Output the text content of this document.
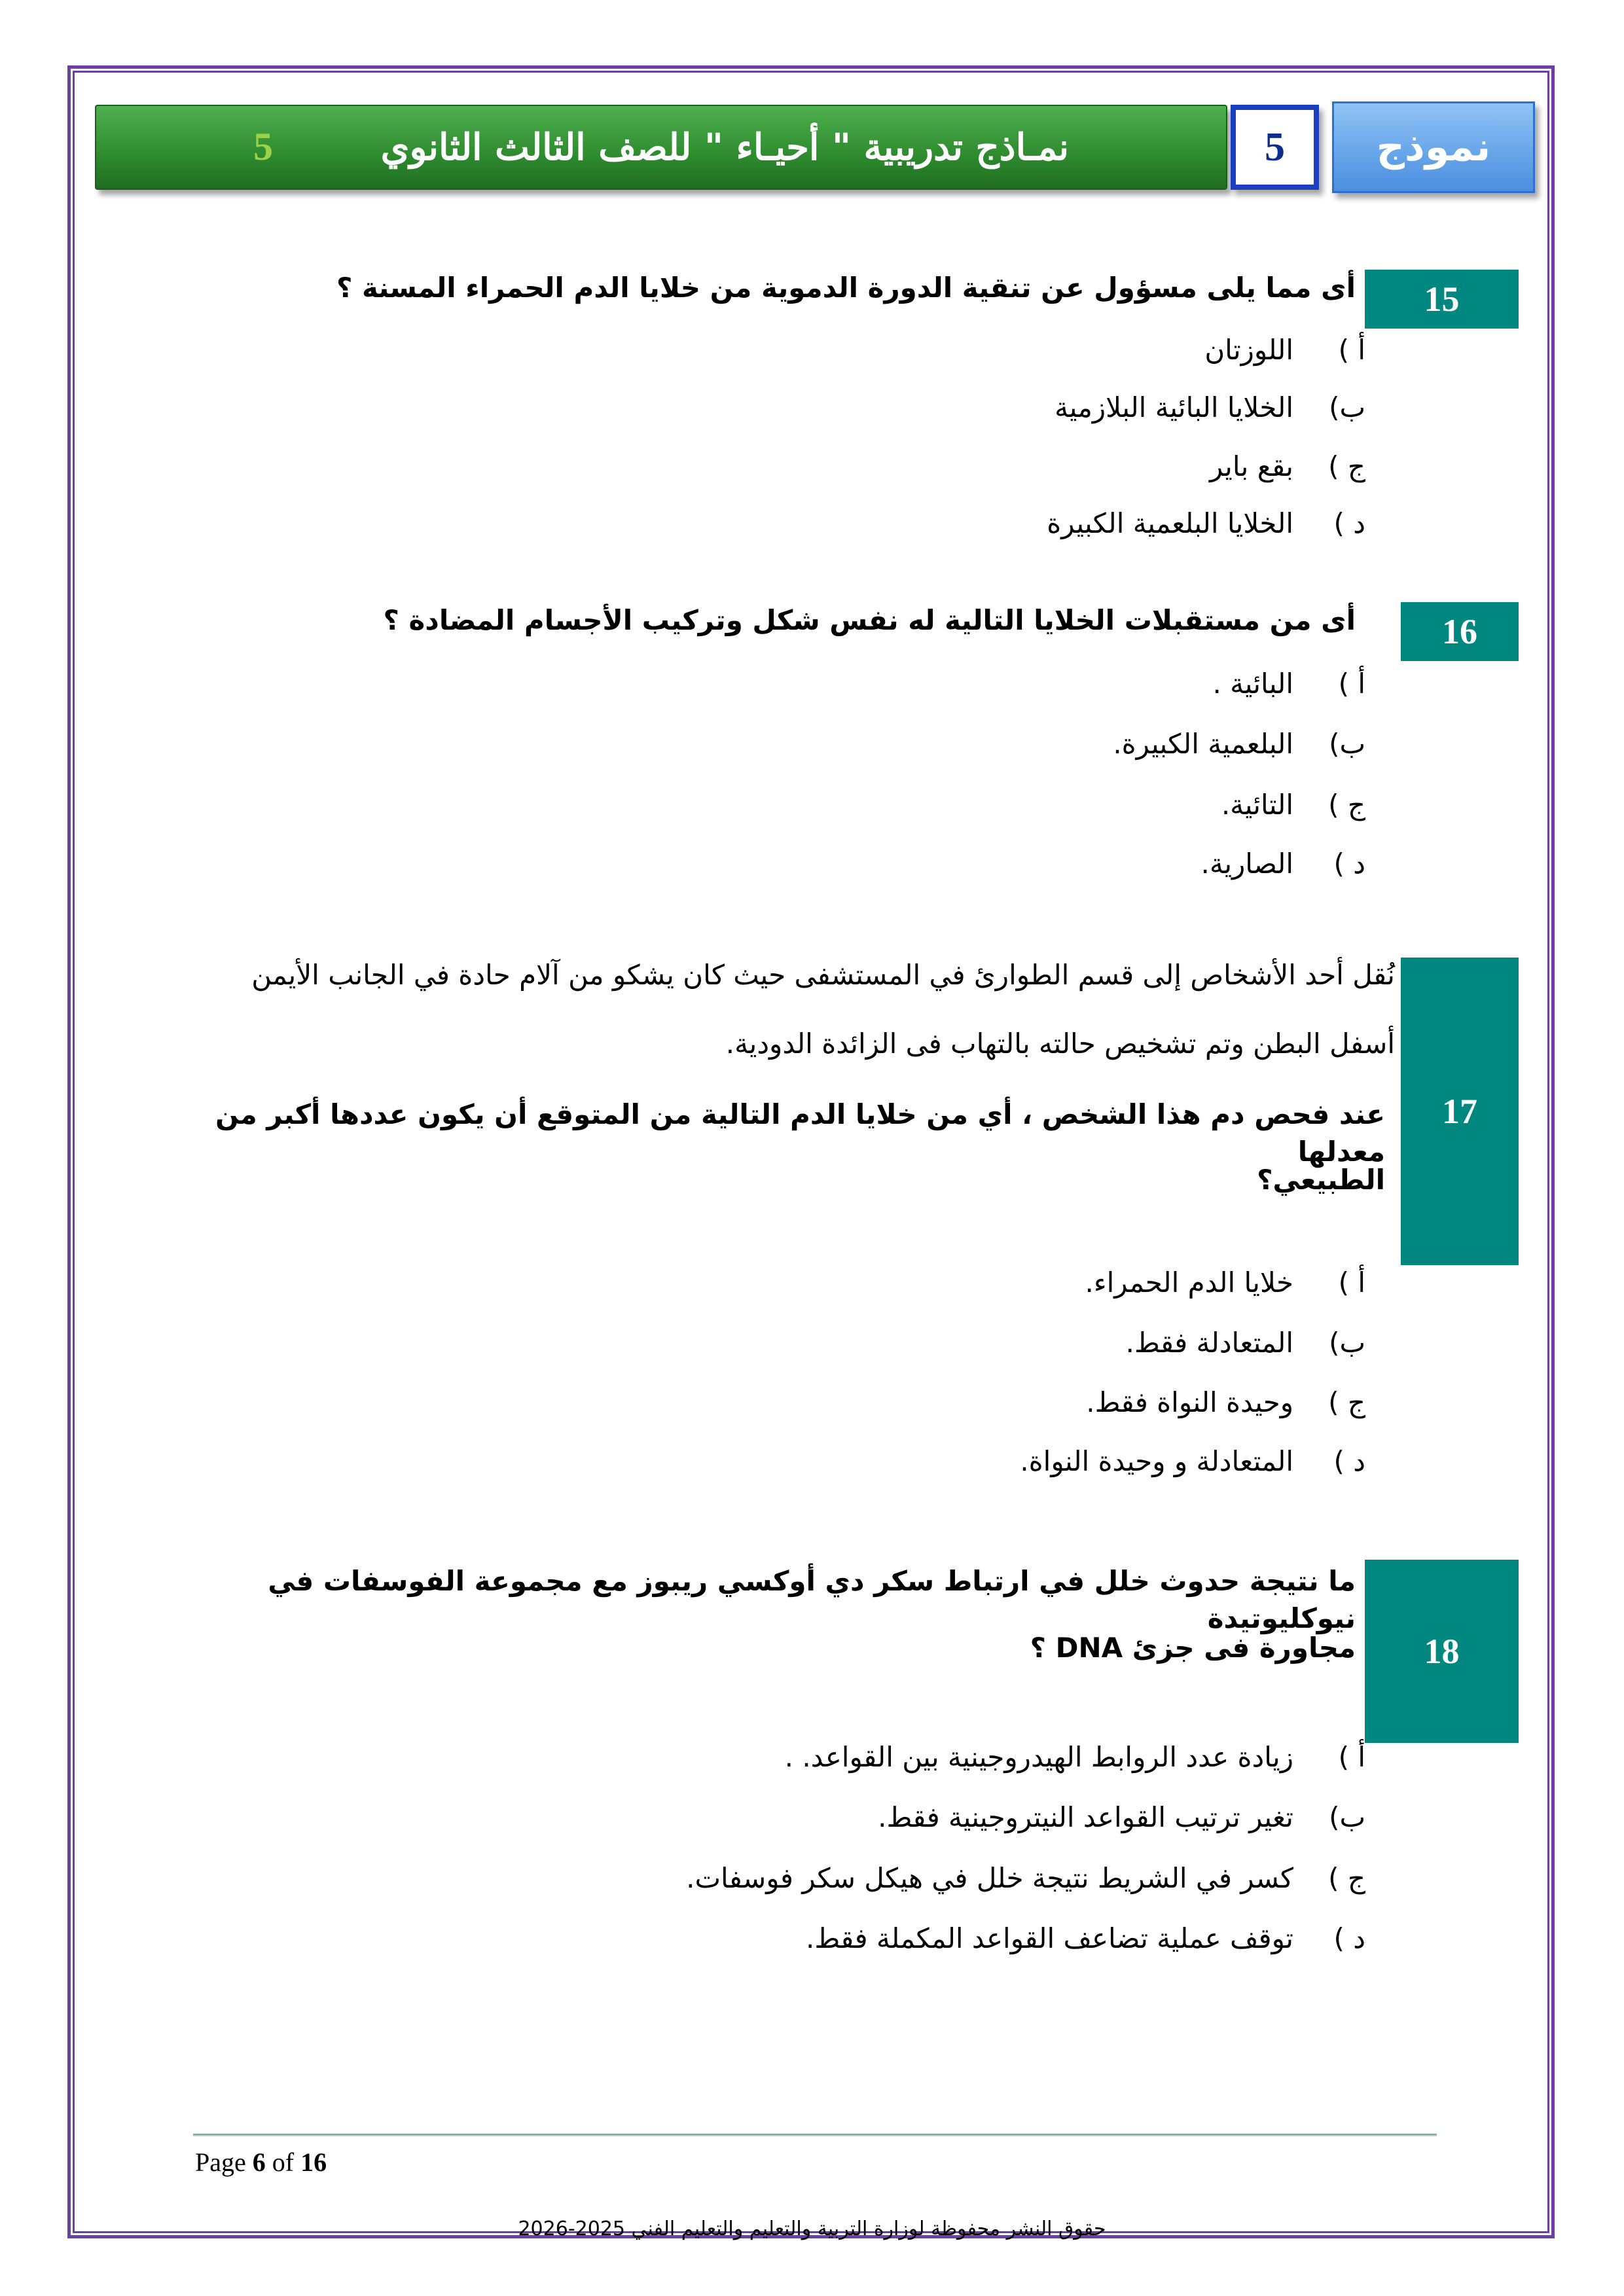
5	نمـاذج تدريبية " أحيـاء " للصف الثالث الثانوي	5	نموذج
15
أى مما يلى مسؤول عن تنقية الدورة الدموية من خلايا الدم الحمراء المسنة ؟
أ )
اللوزتان
ب)
الخلايا البائية البلازمية
ج )
بقع باير
د )
الخلايا البلعمية الكبيرة
16
أى من مستقبلات الخلايا التالية له نفس شكل وتركيب الأجسام المضادة ؟
أ )
البائية .
ب)
البلعمية الكبيرة.
ج )
التائية.
د )
الصارية.
17
نُقل أحد الأشخاص إلى قسم الطوارئ في المستشفى حيث كان يشكو من آلام حادة في الجانب الأيمن
أسفل البطن وتم تشخيص حالته بالتهاب فى الزائدة الدودية.
عند فحص دم هذا الشخص ، أي من خلايا الدم التالية من المتوقع أن يكون عددها أكبر من معدلها
الطبيعي؟
أ )
خلايا الدم الحمراء.
ب)
المتعادلة فقط.
ج )
وحيدة النواة فقط.
د )
المتعادلة و وحيدة النواة.
18
ما نتيجة حدوث خلل في ارتباط سكر دي أوكسي ريبوز مع مجموعة الفوسفات في نيوكليوتيدة
مجاورة فى جزئ DNA ؟
أ )
زيادة عدد الروابط الهيدروجينية بين القواعد. .
ب)
تغير ترتيب القواعد النيتروجينية فقط.
ج )
كسر في الشريط نتيجة خلل في هيكل سكر فوسفات.
د )
توقف عملية تضاعف القواعد المكملة فقط.
Page 6 of 16
حقوق النشر محفوظة لوزارة التربية والتعليم والتعليم الفني 2025-2026
